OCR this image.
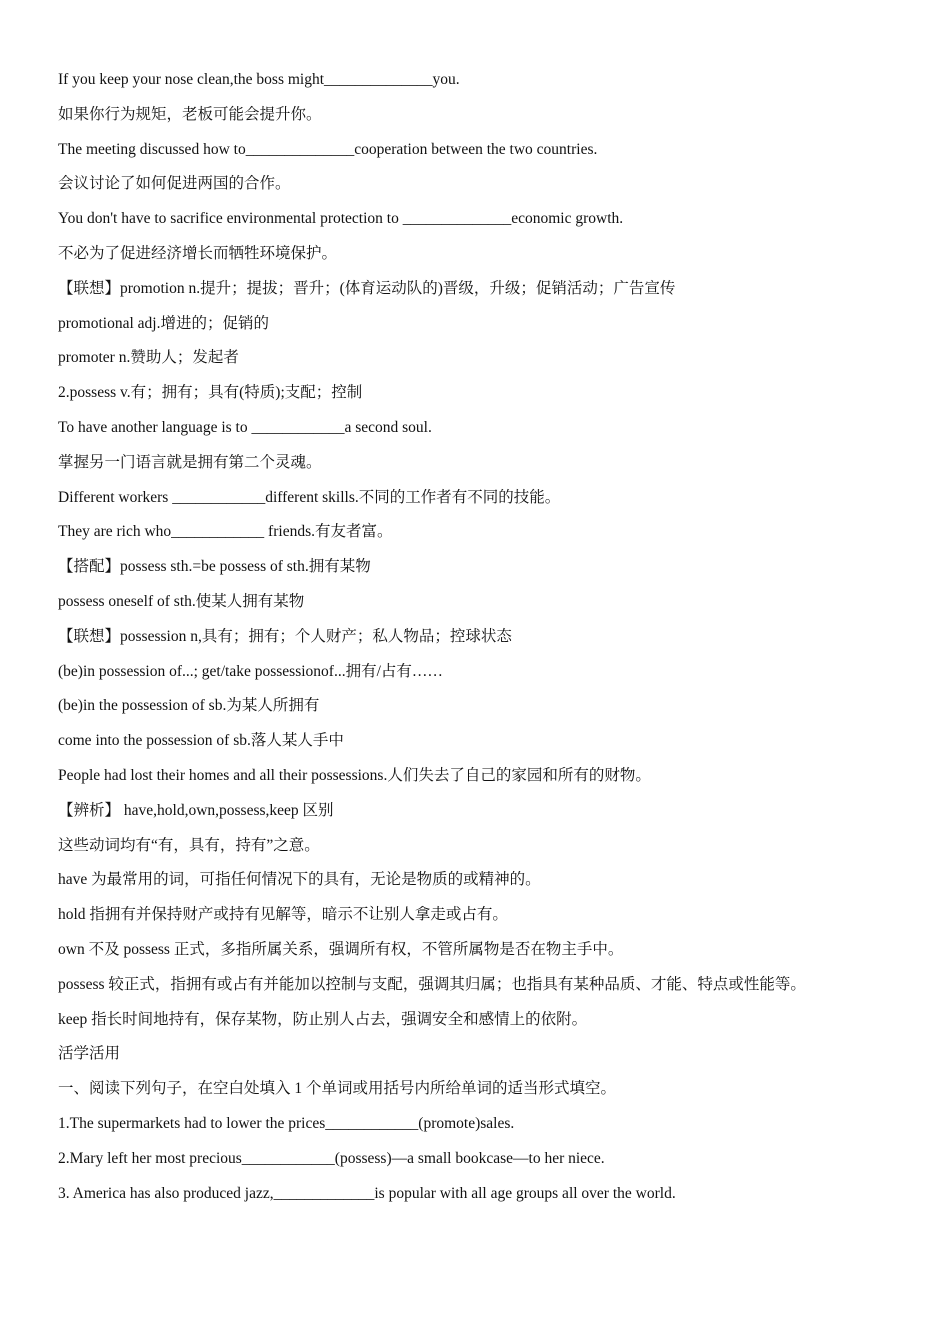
If you keep your nose clean,the boss might______________you.
如果你行为规矩，老板可能会提升你。
The meeting discussed how to______________cooperation between the two countries.
会议讨论了如何促进两国的合作。
You don't have to sacrifice environmental protection to ______________economic growth.
不必为了促进经济增长而牺牲环境保护。
【联想】promotion n.提升；提拔；晋升；(体育运动队的)晋级，升级；促销活动；广告宣传
promotional adj.增进的；促销的
promoter n.赞助人；发起者
2.possess v.有；拥有；具有(特质);支配；控制
To have another language is to ____________a second soul.
掌握另一门语言就是拥有第二个灵魂。
Different workers ____________different skills.不同的工作者有不同的技能。
They are rich who____________ friends.有友者富。
【搭配】possess sth.=be possess of sth.拥有某物
possess oneself of sth.使某人拥有某物
【联想】possession n,具有；拥有；个人财产；私人物品；控球状态
(be)in possession of...; get/take possessionof...拥有/占有……
(be)in the possession of sb.为某人所拥有
come into the possession of sb.落人某人手中
People had lost their homes and all their possessions.人们失去了自己的家园和所有的财物。
【辨析】 have,hold,own,possess,keep 区别
这些动词均有“有，具有，持有”之意。
have 为最常用的词，可指任何情况下的具有，无论是物质的或精神的。
hold 指拥有并保持财产或持有见解等，暗示不让别人拿走或占有。
own 不及 possess 正式，多指所属关系，强调所有权，不管所属物是否在物主手中。
possess 较正式，指拥有或占有并能加以控制与支配，强调其归属；也指具有某种品质、才能、特点或性能等。
keep 指长时间地持有，保存某物，防止别人占去，强调安全和感情上的依附。
活学活用
一、阅读下列句子，在空白处填入 1 个单词或用括号内所给单词的适当形式填空。
1.The supermarkets had to lower the prices____________(promote)sales.
2.Mary left her most precious____________(possess)—a small bookcase—to her niece.
3. America has also produced jazz,_____________is popular with all age groups all over the world.
